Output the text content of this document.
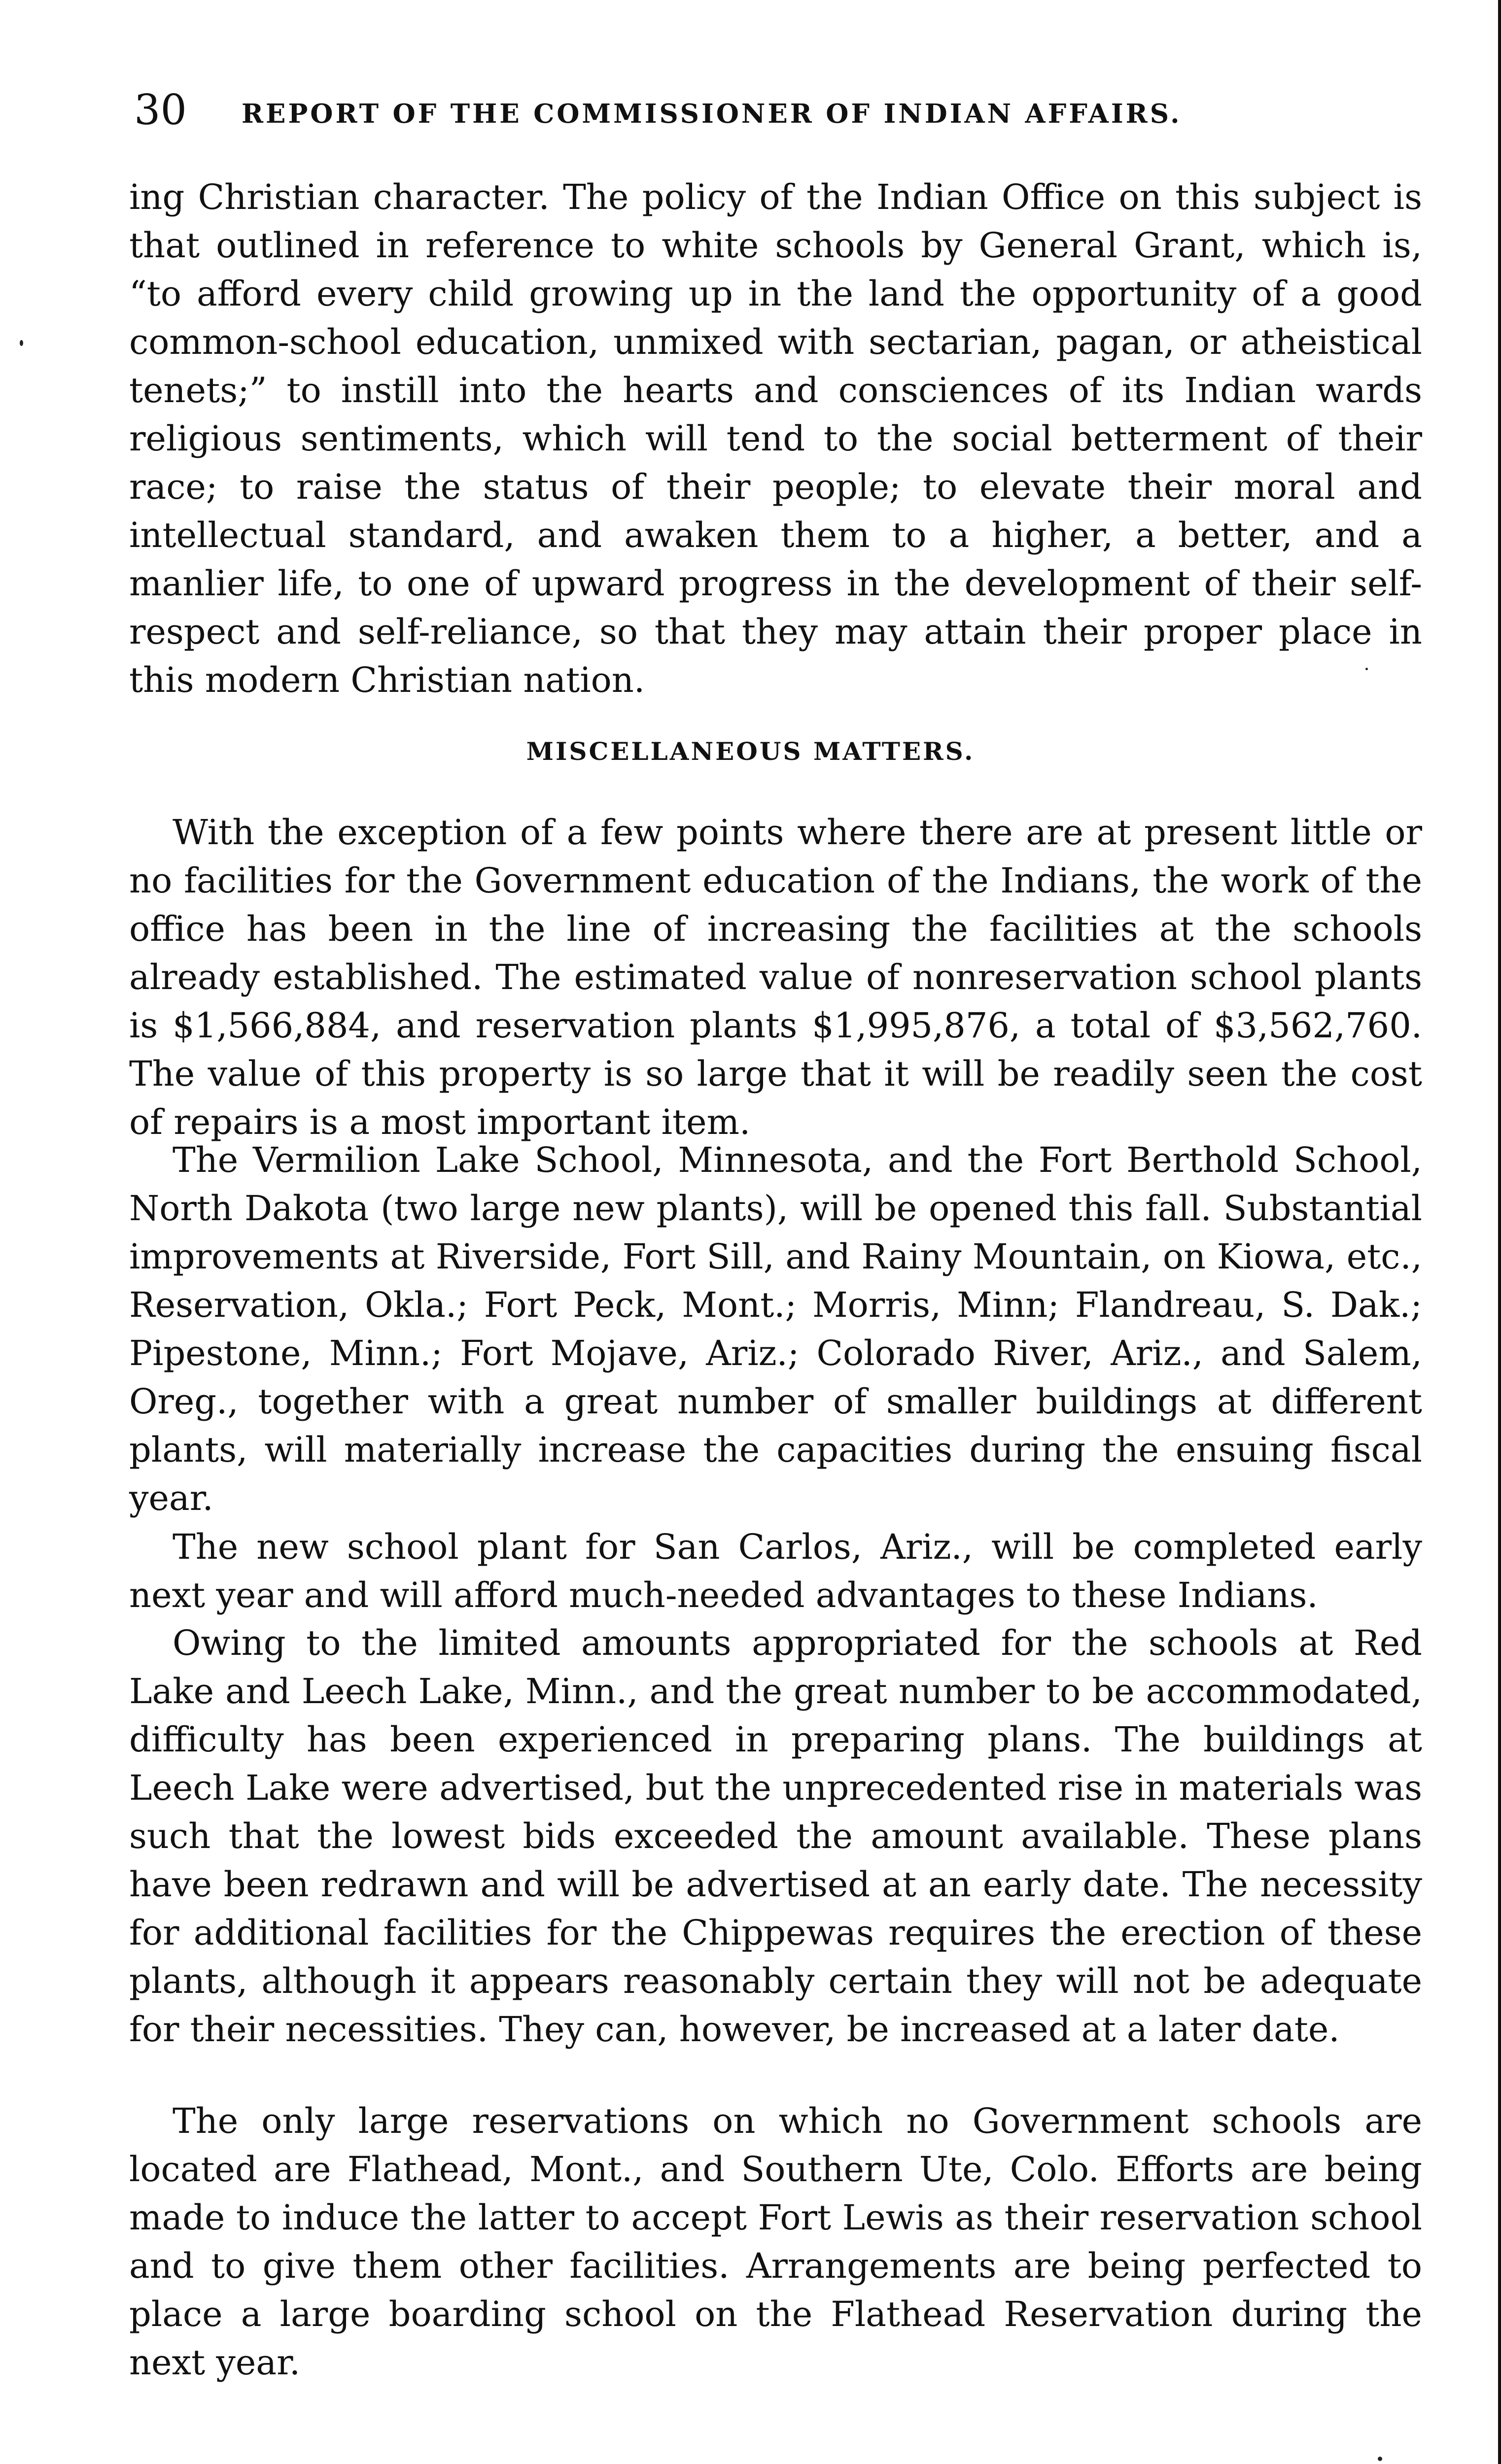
30 REPORT OF THE COMMISSIONER OF INDIAN AFFAIRS.

ing Christian character. The policy of the Indian Office on this subject is that outlined in reference to white schools by General Grant, which is, “to afford every child growing up in the land the opportunity of a good common-school education, unmixed with sectarian, pagan, or atheistical tenets;” to instill into the hearts and consciences of its Indian wards religious sentiments, which will tend to the social betterment of their race; to raise the status of their people; to elevate their moral and intellectual standard, and awaken them to a higher, a better, and a manlier life, to one of upward progress in the development of their self-respect and self-reliance, so that they may attain their proper place in this modern Christian nation.

MISCELLANEOUS MATTERS.

With the exception of a few points where there are at present little or no facilities for the Government education of the Indians, the work of the office has been in the line of increasing the facilities at the schools already established. The estimated value of nonreservation school plants is $1,566,884, and reservation plants $1,995,876, a total of $3,562,760. The value of this property is so large that it will be readily seen the cost of repairs is a most important item.

The Vermilion Lake School, Minnesota, and the Fort Berthold School, North Dakota (two large new plants), will be opened this fall. Substantial improvements at Riverside, Fort Sill, and Rainy Mountain, on Kiowa, etc., Reservation, Okla.; Fort Peck, Mont.; Morris, Minn; Flandreau, S. Dak.; Pipestone, Minn.; Fort Mojave, Ariz.; Colorado River, Ariz., and Salem, Oreg., together with a great number of smaller buildings at different plants, will materially increase the capacities during the ensuing fiscal year.

The new school plant for San Carlos, Ariz., will be completed early next year and will afford much-needed advantages to these Indians.

Owing to the limited amounts appropriated for the schools at Red Lake and Leech Lake, Minn., and the great number to be accommodated, difficulty has been experienced in preparing plans. The buildings at Leech Lake were advertised, but the unprecedented rise in materials was such that the lowest bids exceeded the amount available. These plans have been redrawn and will be advertised at an early date. The necessity for additional facilities for the Chippewas requires the erection of these plants, although it appears reasonably certain they will not be adequate for their necessities. They can, however, be increased at a later date.

The only large reservations on which no Government schools are located are Flathead, Mont., and Southern Ute, Colo. Efforts are being made to induce the latter to accept Fort Lewis as their reservation school and to give them other facilities. Arrangements are being perfected to place a large boarding school on the Flathead Reservation during the next year.
